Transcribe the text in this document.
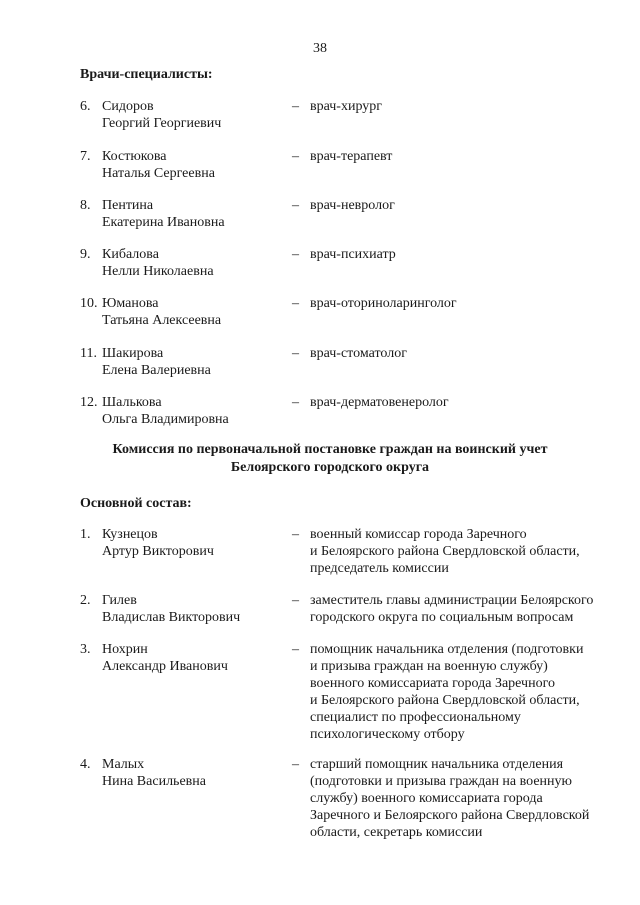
38
Врачи-специалисты:
6. Сидоров
Георгий Георгиевич
– врач-хирург
7. Костюкова
Наталья Сергеевна
– врач-терапевт
8. Пентина
Екатерина Ивановна
– врач-невролог
9. Кибалова
Нелли Николаевна
– врач-психиатр
10. Юманова
Татьяна Алексеевна
– врач-оториноларинголог
11. Шакирова
Елена Валериевна
– врач-стоматолог
12. Шалькова
Ольга Владимировна
– врач-дерматовенеролог
Комиссия по первоначальной постановке граждан на воинский учет
Белоярского городского округа
Основной состав:
1. Кузнецов
Артур Викторович
– военный комиссар города Заречного
и Белоярского района Свердловской области,
председатель комиссии
2. Гилев
Владислав Викторович
– заместитель главы администрации Белоярского
городского округа по социальным вопросам
3. Нохрин
Александр Иванович
– помощник начальника отделения (подготовки
и призыва граждан на военную службу)
военного комиссариата города Заречного
и Белоярского района Свердловской области,
специалист по профессиональному
психологическому отбору
4. Малых
Нина Васильевна
– старший помощник начальника отделения
(подготовки и призыва граждан на военную
службу) военного комиссариата города
Заречного и Белоярского района Свердловской
области, секретарь комиссии
